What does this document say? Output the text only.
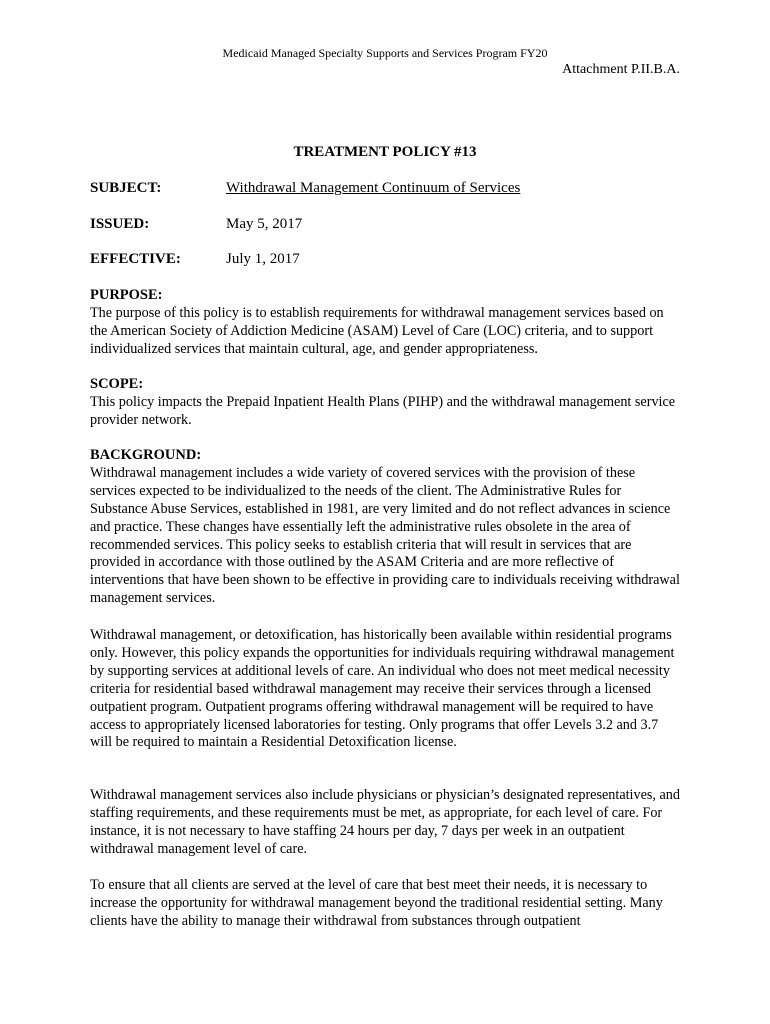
Medicaid Managed Specialty Supports and Services Program FY20
Attachment P.II.B.A.
TREATMENT POLICY #13
SUBJECT:	Withdrawal Management Continuum of Services
ISSUED:	May 5, 2017
EFFECTIVE:	July 1, 2017
PURPOSE:

The purpose of this policy is to establish requirements for withdrawal management services based on the American Society of Addiction Medicine (ASAM) Level of Care (LOC) criteria, and to support individualized services that maintain cultural, age, and gender appropriateness.

SCOPE:

This policy impacts the Prepaid Inpatient Health Plans (PIHP) and the withdrawal management service provider network.

BACKGROUND:

Withdrawal management includes a wide variety of covered services with the provision of these services expected to be individualized to the needs of the client. The Administrative Rules for Substance Abuse Services, established in 1981, are very limited and do not reflect advances in science and practice. These changes have essentially left the administrative rules obsolete in the area of recommended services. This policy seeks to establish criteria that will result in services that are provided in accordance with those outlined by the ASAM Criteria and are more reflective of interventions that have been shown to be effective in providing care to individuals receiving withdrawal management services.

Withdrawal management, or detoxification, has historically been available within residential programs only. However, this policy expands the opportunities for individuals requiring withdrawal management by supporting services at additional levels of care. An individual who does not meet medical necessity criteria for residential based withdrawal management may receive their services through a licensed outpatient program. Outpatient programs offering withdrawal management will be required to have access to appropriately licensed laboratories for testing. Only programs that offer Levels 3.2 and 3.7 will be required to maintain a Residential Detoxification license.

Withdrawal management services also include physicians or physician’s designated representatives, and staffing requirements, and these requirements must be met, as appropriate, for each level of care. For instance, it is not necessary to have staffing 24 hours per day, 7 days per week in an outpatient withdrawal management level of care.

To ensure that all clients are served at the level of care that best meet their needs, it is necessary to increase the opportunity for withdrawal management beyond the traditional residential setting. Many clients have the ability to manage their withdrawal from substances through outpatient
